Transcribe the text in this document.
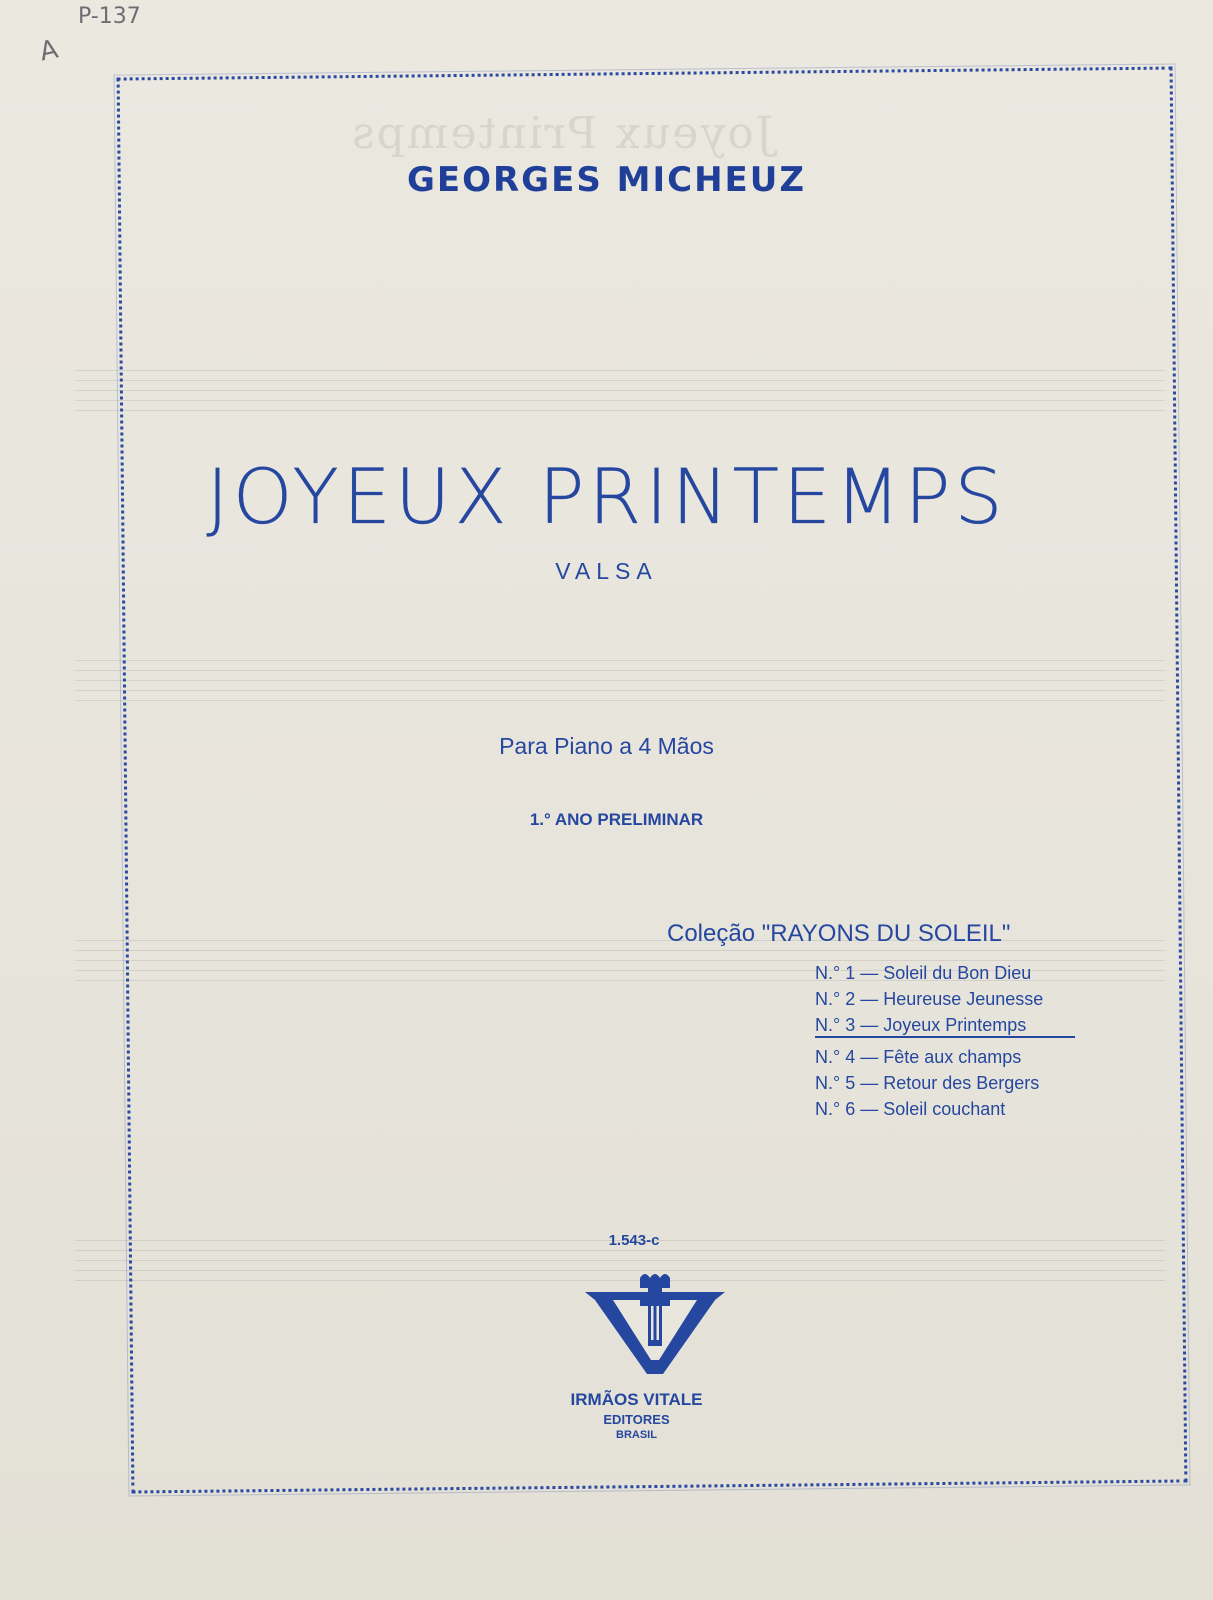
Joyeux Printemps
P-137
A
GEORGES MICHEUZ
JOYEUX PRINTEMPS
VALSA
Para Piano a 4 Mãos
1.° ANO PRELIMINAR
Coleção "RAYONS DU SOLEIL"
N.° 1 — Soleil du Bon Dieu
N.° 2 — Heureuse Jeunesse
N.° 3 — Joyeux Printemps
N.° 4 — Fête aux champs
N.° 5 — Retour des Bergers
N.° 6 — Soleil couchant
1.543-c
IRMÃOS VITALE
EDITORES
BRASIL
